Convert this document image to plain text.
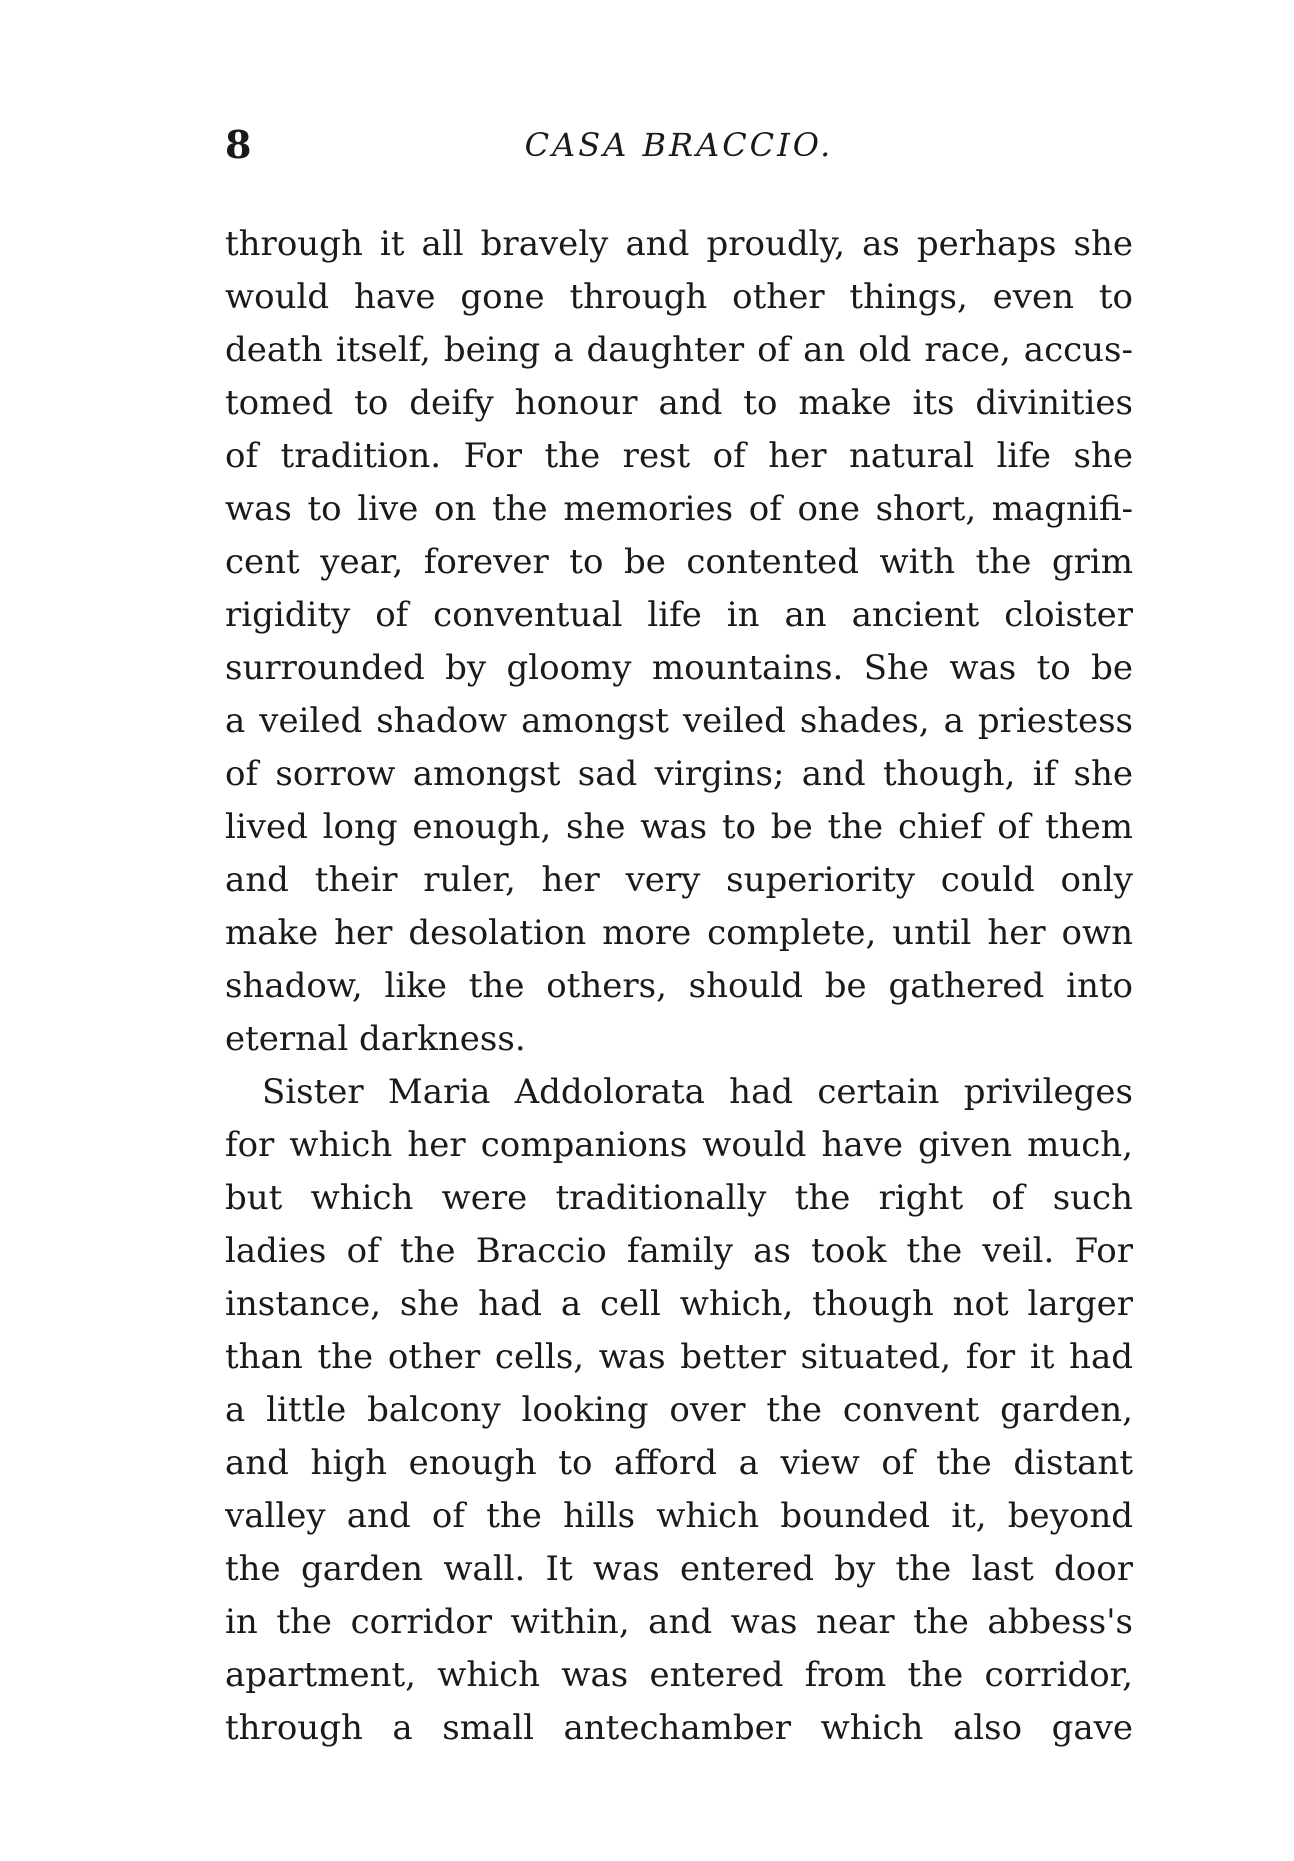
8	CASA BRACCIO.
through it all bravely and proudly, as perhaps she
would have gone through other things, even to
death itself, being a daughter of an old race, accus-
tomed to deify honour and to make its divinities
of tradition. For the rest of her natural life she
was to live on the memories of one short, magnifi-
cent year, forever to be contented with the grim
rigidity of conventual life in an ancient cloister
surrounded by gloomy mountains. She was to be
a veiled shadow amongst veiled shades, a priestess
of sorrow amongst sad virgins; and though, if she
lived long enough, she was to be the chief of them
and their ruler, her very superiority could only
make her desolation more complete, until her own
shadow, like the others, should be gathered into
eternal darkness.
Sister Maria Addolorata had certain privileges
for which her companions would have given much,
but which were traditionally the right of such
ladies of the Braccio family as took the veil. For
instance, she had a cell which, though not larger
than the other cells, was better situated, for it had
a little balcony looking over the convent garden,
and high enough to afford a view of the distant
valley and of the hills which bounded it, beyond
the garden wall. It was entered by the last door
in the corridor within, and was near the abbess's
apartment, which was entered from the corridor,
through a small antechamber which also gave
